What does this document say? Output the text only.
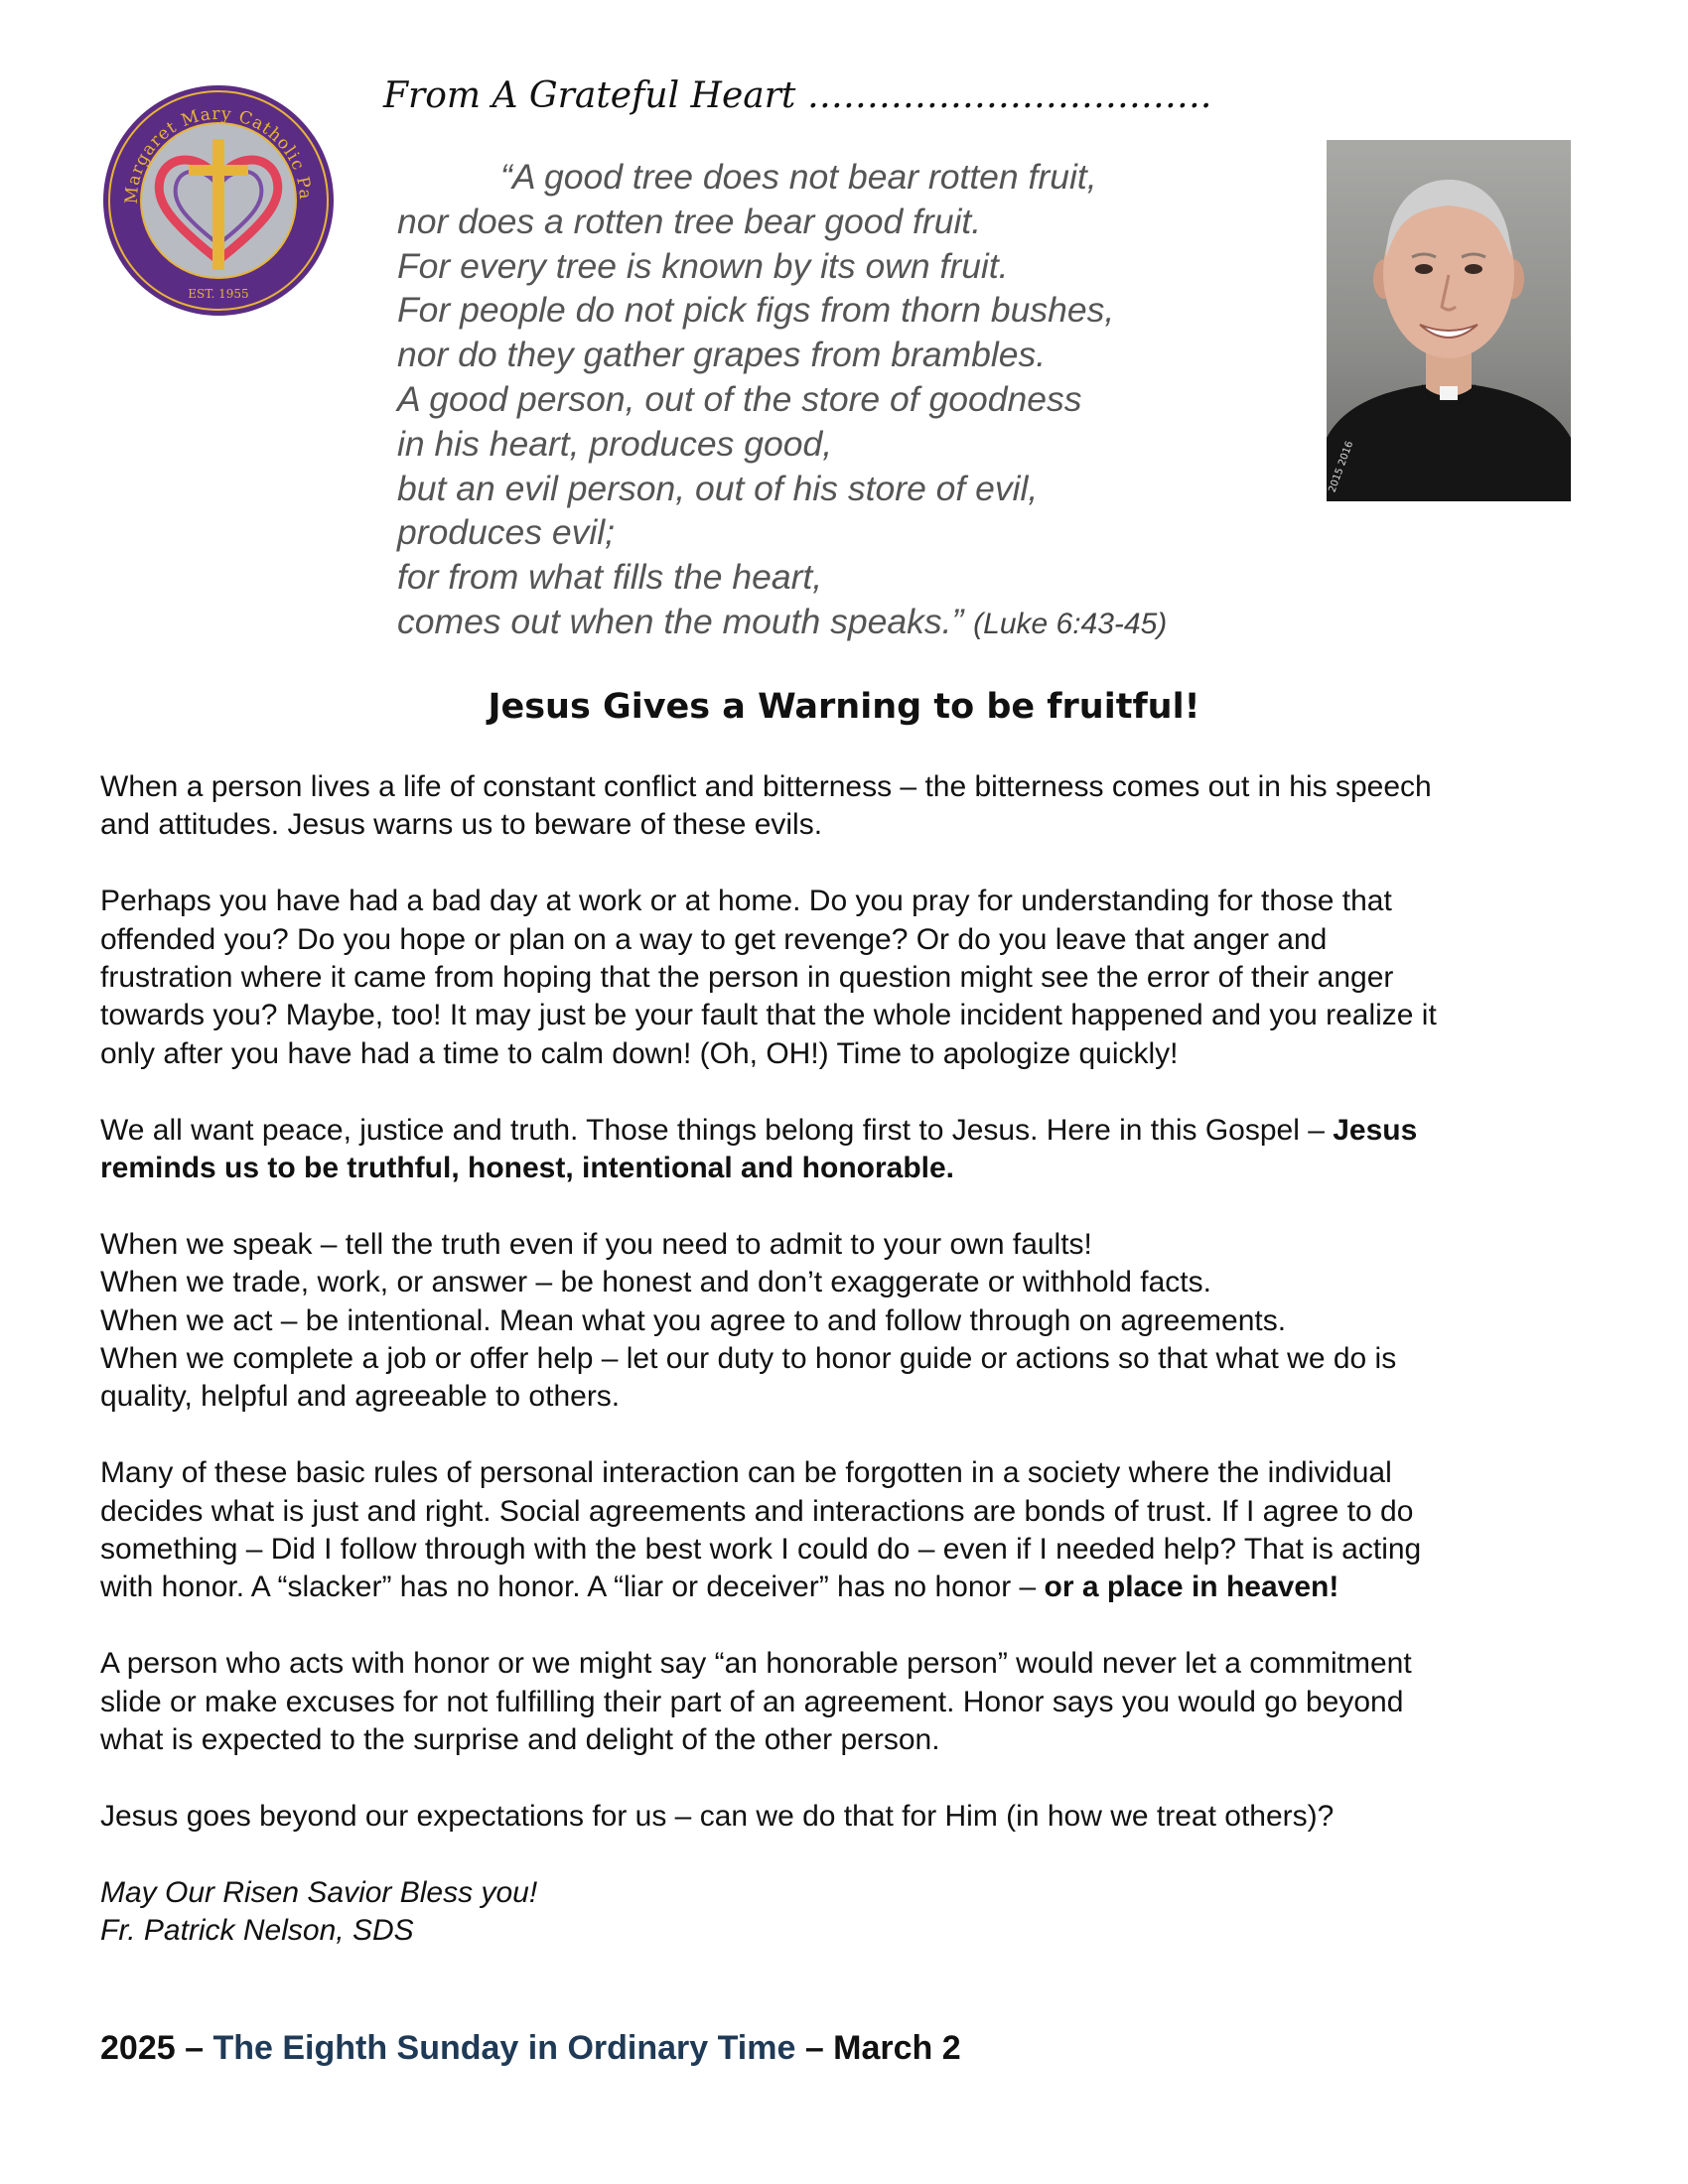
Margaret Mary Catholic Pa
EST. 1955
From A Grateful Heart …………………………….
“A good tree does not bear rotten fruit,
nor does a rotten tree bear good fruit.
For every tree is known by its own fruit.
For people do not pick figs from thorn bushes,
nor do they gather grapes from brambles.
A good person, out of the store of goodness
in his heart, produces good,
but an evil person, out of his store of evil,
produces evil;
for from what fills the heart,
comes out when the mouth speaks.” (Luke 6:43-45)
2015 2016
Jesus Gives a Warning to be fruitful!

When a person lives a life of constant conflict and bitterness – the bitterness comes out in his speech
and attitudes. Jesus warns us to beware of these evils.

Perhaps you have had a bad day at work or at home. Do you pray for understanding for those that
offended you? Do you hope or plan on a way to get revenge? Or do you leave that anger and
frustration where it came from hoping that the person in question might see the error of their anger
towards you? Maybe, too! It may just be your fault that the whole incident happened and you realize it
only after you have had a time to calm down! (Oh, OH!) Time to apologize quickly!

We all want peace, justice and truth. Those things belong first to Jesus. Here in this Gospel – Jesus
reminds us to be truthful, honest, intentional and honorable.

When we speak – tell the truth even if you need to admit to your own faults!
When we trade, work, or answer – be honest and don’t exaggerate or withhold facts.
When we act – be intentional. Mean what you agree to and follow through on agreements.
When we complete a job or offer help – let our duty to honor guide or actions so that what we do is
quality, helpful and agreeable to others.

Many of these basic rules of personal interaction can be forgotten in a society where the individual
decides what is just and right. Social agreements and interactions are bonds of trust. If I agree to do
something – Did I follow through with the best work I could do – even if I needed help? That is acting
with honor. A “slacker” has no honor. A “liar or deceiver” has no honor – or a place in heaven!

A person who acts with honor or we might say “an honorable person” would never let a commitment
slide or make excuses for not fulfilling their part of an agreement. Honor says you would go beyond
what is expected to the surprise and delight of the other person.

Jesus goes beyond our expectations for us – can we do that for Him (in how we treat others)?

May Our Risen Savior Bless you!
Fr. Patrick Nelson, SDS

2025 – The Eighth Sunday in Ordinary Time – March 2
